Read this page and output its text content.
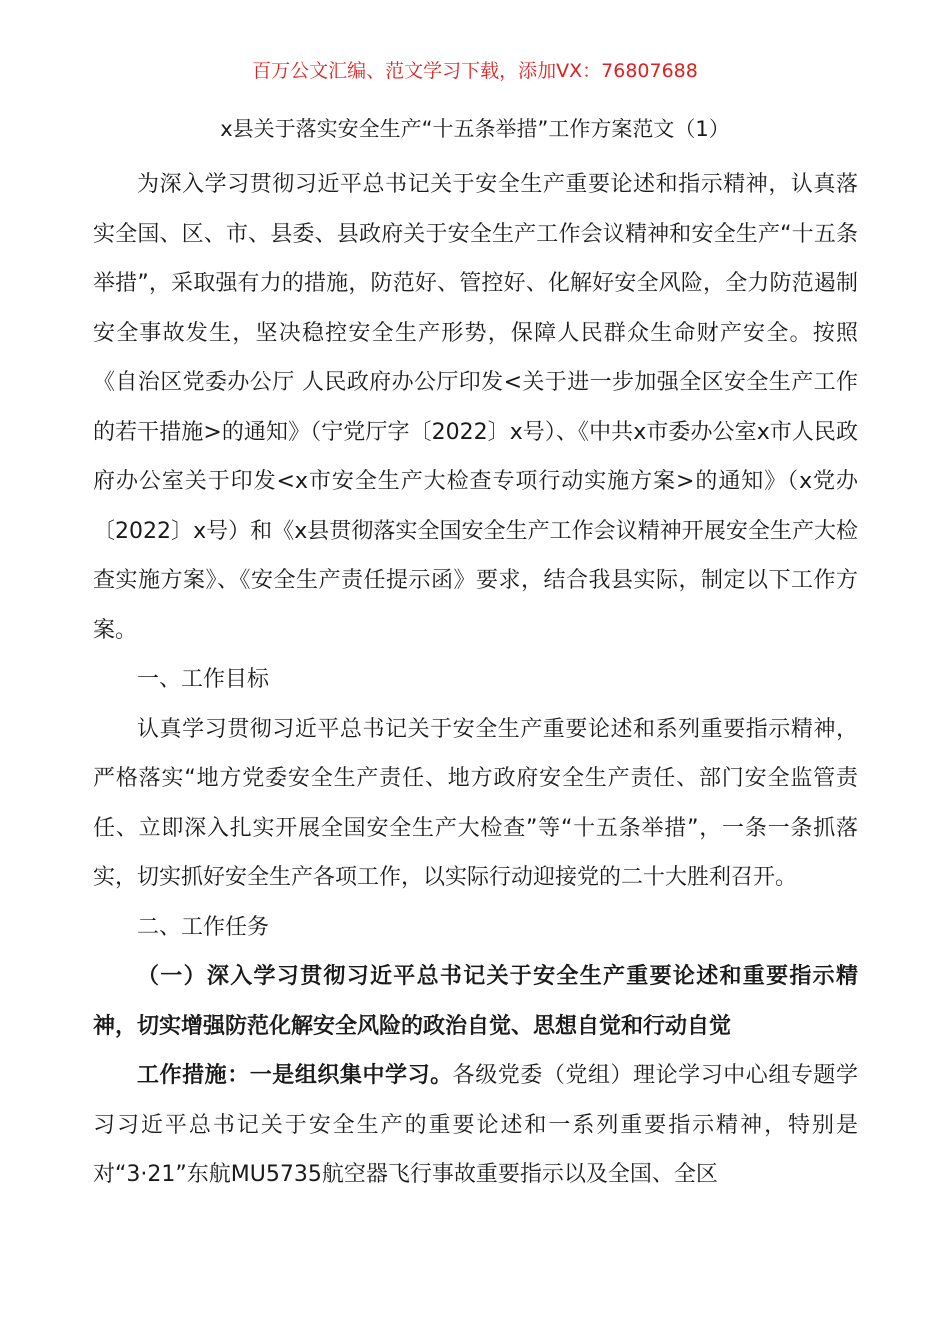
百万公文汇编、范文学习下载，添加VX：76807688
x县关于落实安全生产“十五条举措”工作方案范文（1）

为深入学习贯彻习近平总书记关于安全生产重要论述和指示精神，认真落实全国、区、市、县委、县政府关于安全生产工作会议精神和安全生产“十五条举措”，采取强有力的措施，防范好、管控好、化解好安全风险，全力防范遏制安全事故发生，坚决稳控安全生产形势，保障人民群众生命财产安全。按照《自治区党委办公厅 人民政府办公厅印发<关于进一步加强全区安全生产工作的若干措施>的通知》（宁党厅字〔2022〕x号）、《中共x市委办公室x市人民政府办公室关于印发<x市安全生产大检查专项行动实施方案>的通知》（x党办〔2022〕x号）和《x县贯彻落实全国安全生产工作会议精神开展安全生产大检查实施方案》、《安全生产责任提示函》要求，结合我县实际，制定以下工作方案。

一、工作目标

认真学习贯彻习近平总书记关于安全生产重要论述和系列重要指示精神，严格落实“地方党委安全生产责任、地方政府安全生产责任、部门安全监管责任、立即深入扎实开展全国安全生产大检查”等“十五条举措”，一条一条抓落实，切实抓好安全生产各项工作，以实际行动迎接党的二十大胜利召开。

二、工作任务

（一）深入学习贯彻习近平总书记关于安全生产重要论述和重要指示精神，切实增强防范化解安全风险的政治自觉、思想自觉和行动自觉

工作措施：一是组织集中学习。各级党委（党组）理论学习中心组专题学习习近平总书记关于安全生产的重要论述和一系列重要指示精神，特别是对“3·21”东航MU5735航空器飞行事故重要指示以及全国、全区
